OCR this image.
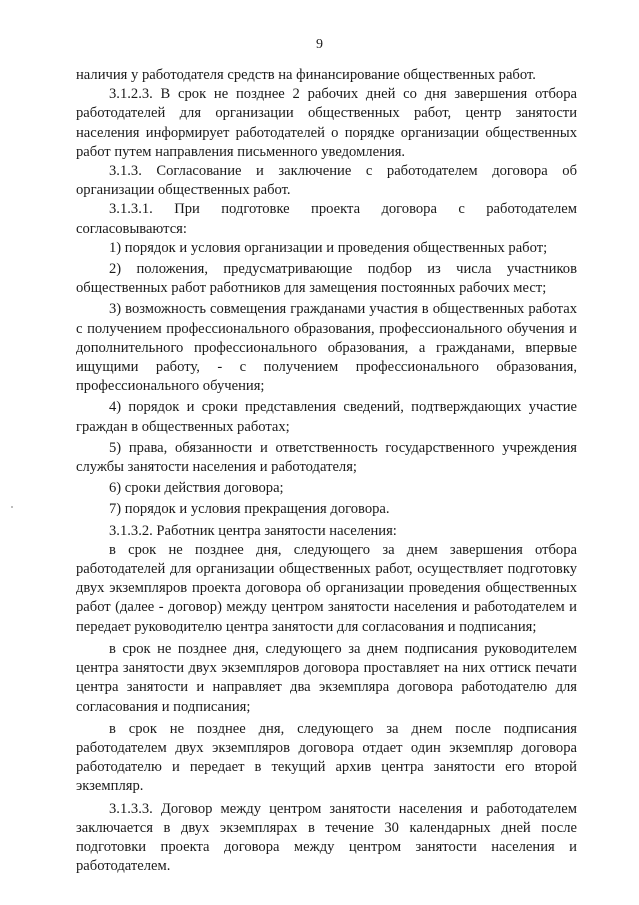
9

наличия у работодателя средств на финансирование общественных работ.

3.1.2.3. В срок не позднее 2 рабочих дней со дня завершения отбора работодателей для организации общественных работ, центр занятости населения информирует работодателей о порядке организации общественных работ путем направления письменного уведомления.

3.1.3. Согласование и заключение с работодателем договора об организации общественных работ.

3.1.3.1. При подготовке проекта договора с работодателем согласовываются:

1) порядок и условия организации и проведения общественных работ;

2) положения, предусматривающие подбор из числа участников общественных работ работников для замещения постоянных рабочих мест;

3) возможность совмещения гражданами участия в общественных работах с получением профессионального образования, профессионального обучения и дополнительного профессионального образования, а гражданами, впервые ищущими работу, - с получением профессионального образования, профессионального обучения;

4) порядок и сроки представления сведений, подтверждающих участие граждан в общественных работах;

5) права, обязанности и ответственность государственного учреждения службы занятости населения и работодателя;

6) сроки действия договора;

7) порядок и условия прекращения договора.

3.1.3.2. Работник центра занятости населения:

в срок не позднее дня, следующего за днем завершения отбора работодателей для организации общественных работ, осуществляет подготовку двух экземпляров проекта договора об организации проведения общественных работ (далее - договор) между центром занятости населения и работодателем и передает руководителю центра занятости для согласования и подписания;

в срок не позднее дня, следующего за днем подписания руководителем центра занятости двух экземпляров договора проставляет на них оттиск печати центра занятости и направляет два экземпляра договора работодателю для согласования и подписания;

в срок не позднее дня, следующего за днем после подписания работодателем двух экземпляров договора отдает один экземпляр договора работодателю и передает в текущий архив центра занятости его второй экземпляр.

3.1.3.3. Договор между центром занятости населения и работодателем заключается в двух экземплярах в течение 30 календарных дней после подготовки проекта договора между центром занятости населения и работодателем.
